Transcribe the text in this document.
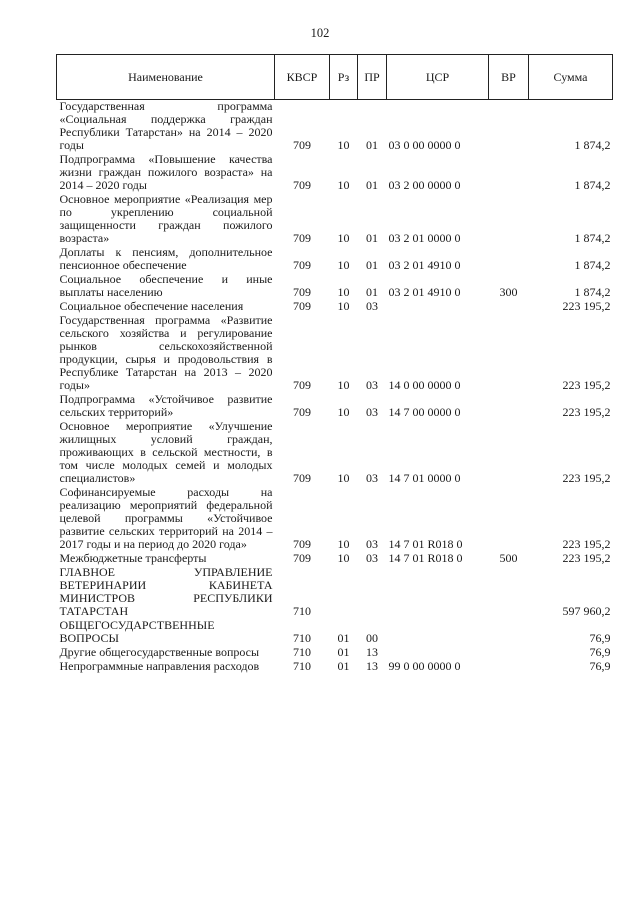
102
Наименование	КВСР	Рз	ПР	ЦСР	ВР	Сумма
Государственная программа «Социальная поддержка граждан Республики Татарстан» на 2014 – 2020 годы	709	10	01	03 0 00 0000 0		1 874,2
Подпрограмма «Повышение качества жизни граждан пожилого возраста» на 2014 – 2020 годы	709	10	01	03 2 00 0000 0		1 874,2
Основное мероприятие «Реализация мер по укреплению социальной защищенности граждан пожилого возраста»	709	10	01	03 2 01 0000 0		1 874,2
Доплаты к пенсиям, дополнительное пенсионное обеспечение	709	10	01	03 2 01 4910 0		1 874,2
Социальное обеспечение и иные выплаты населению	709	10	01	03 2 01 4910 0	300	1 874,2
Социальное обеспечение населения	709	10	03			223 195,2
Государственная программа «Развитие сельского хозяйства и регулирование рынков сельскохозяйственной продукции, сырья и продовольствия в Республике Татарстан на 2013 – 2020 годы»	709	10	03	14 0 00 0000 0		223 195,2
Подпрограмма «Устойчивое развитие сельских территорий»	709	10	03	14 7 00 0000 0		223 195,2
Основное мероприятие «Улучшение жилищных условий граждан, проживающих в сельской местности, в том числе молодых семей и молодых специалистов»	709	10	03	14 7 01 0000 0		223 195,2
Софинансируемые расходы на реализацию мероприятий федеральной целевой программы «Устойчивое развитие сельских территорий на 2014 – 2017 годы и на период до 2020 года»	709	10	03	14 7 01 R018 0		223 195,2
Межбюджетные трансферты	709	10	03	14 7 01 R018 0	500	223 195,2
ГЛАВНОЕ УПРАВЛЕНИЕ ВЕТЕРИНАРИИ КАБИНЕТА МИНИСТРОВ РЕСПУБЛИКИ ТАТАРСТАН	710					597 960,2
ОБЩЕГОСУДАРСТВЕННЫЕ ВОПРОСЫ	710	01	00			76,9
Другие общегосударственные вопросы	710	01	13			76,9
Непрограммные направления расходов	710	01	13	99 0 00 0000 0		76,9
